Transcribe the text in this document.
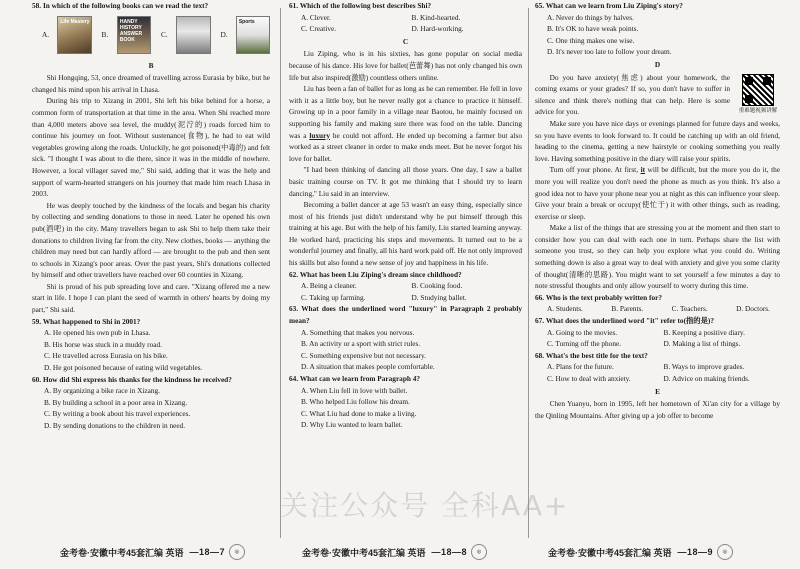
58. In which of the following books can we read the text?

A.
Life Mastery
B.
HANDY HISTORY ANSWER BOOK
C.	D.
Sports

B

Shi Hongqing, 53, once dreamed of travelling across Eurasia by bike, but he changed his mind upon his arrival in Lhasa.

During his trip to Xizang in 2001, Shi left his bike behind for a horse, a common form of transportation at that time in the area. When Shi reached more than 4,000 meters above sea level, the muddy(泥泞的) roads forced him to continue his journey on foot. Without sustenance(食物), he had to eat wild vegetables growing along the roads. Unluckily, he got poisoned(中毒的) and felt sick. "I thought I was about to die there, since it was in the middle of nowhere. However, a local villager saved me," Shi said, adding that it was the help and support of warm-hearted strangers on his journey that made him reach Lhasa in 2003.

He was deeply touched by the kindness of the locals and began his charity by collecting and sending donations to those in need. Later he opened his own pub(酒吧) in the city. Many travellers began to ask Shi to help them take their donations to children living far from the city. New clothes, books — anything the children may need but can hardly afford — are brought to the pub and then sent to schools in Xizang's poor areas. Over the past years, Shi's donations collected by himself and other travellers have reached over 60 counties in Xizang.

Shi is proud of his pub spreading love and care. "Xizang offered me a new start in life. I hope I can plant the seed of warmth in others' hearts by doing my part," Shi said.

59. What happened to Shi in 2001?

A. He opened his own pub in Lhasa.

B. His horse was stuck in a muddy road.

C. He travelled across Eurasia on his bike.

D. He got poisoned because of eating wild vegetables.

60. How did Shi express his thanks for the kindness he received?

A. By organizing a bike race in Xizang.

B. By building a school in a poor area in Xizang.

C. By writing a book about his travel experiences.

D. By sending donations to the children in need.

61. Which of the following best describes Shi?

A. Clever.	B. Kind-hearted.
C. Creative.	D. Hard-working.

C

Liu Ziping, who is in his sixties, has gone popular on social media because of his dance. His love for ballet(芭蕾舞) has not only changed his own life but also inspired(激励) countless others online.

Liu has been a fan of ballet for as long as he can remember. He fell in love with it as a little boy, but he never really got a chance to practice it himself. Growing up in a poor family in a village near Baotou, he mainly focused on supporting his family and making sure there was food on the table. Dancing was a luxury he could not afford. He ended up becoming a farmer but also worked as a street cleaner in order to make ends meet. But he never forgot his love for ballet.

"I had been thinking of dancing all those years. One day, I saw a ballet basic training course on TV. It got me thinking that I should try to learn dancing," Liu said in an interview.

Becoming a ballet dancer at age 53 wasn't an easy thing, especially since most of his friends just didn't understand why he put himself through this training at his age. But with the help of his family, Liu started learning anyway. He worked hard, practicing his steps and movements. It turned out to be a wonderful journey and finally, all his hard work paid off. He not only improved his skills but also found a new sense of joy and happiness in his life.

62. What has been Liu Ziping's dream since childhood?

A. Being a cleaner.	B. Cooking food.
C. Taking up farming.	D. Studying ballet.

63. What does the underlined word "luxury" in Paragraph 2 probably mean?

A. Something that makes you nervous.

B. An activity or a sport with strict rules.

C. Something expensive but not necessary.

D. A situation that makes people comfortable.

64. What can we learn from Paragraph 4?

A. When Liu fell in love with ballet.

B. Who helped Liu follow his dream.

C. What Liu had done to make a living.

D. Why Liu wanted to learn ballet.

65. What can we learn from Liu Ziping's story?

A. Never do things by halves.

B. It's OK to have weak points.

C. One thing makes one wise.

D. It's never too late to follow your dream.

D

重难题视频讲解

Do you have anxiety(焦虑) about your homework, the coming exams or your grades? If so, you don't have to suffer in silence and think there's nothing that can help. Here is some advice for you.

Make sure you have nice days or evenings planned for future days and weeks, so you have events to look forward to. It could be catching up with an old friend, heading to the cinema, getting a new hairstyle or cooking something you really love. Having something positive in the diary will raise your spirits.

Turn off your phone. At first, it will be difficult, but the more you do it, the more you will realize you don't need the phone as much as you think. It's also a good idea not to have your phone near you at night as this can influence your sleep. Give your brain a break or occupy(使忙于) it with other things, such as reading, exercise or sleep.

Make a list of the things that are stressing you at the moment and then start to consider how you can deal with each one in turn. Perhaps share the list with someone you trust, so they can help you explore what you could do. Writing something down is also a great way to deal with anxiety and give you some clarity of thought(清晰的思路). You might want to set yourself a few minutes a day to note stressful thoughts and only allow yourself to worry during this time.

66. Who is the text probably written for?

A. Students.	B. Parents.	C. Teachers.	D. Doctors.

67. What does the underlined word "it" refer to(指的是)?

A. Going to the movies.	B. Keeping a positive diary.
C. Turning off the phone.	D. Making a list of things.

68. What's the best title for the text?

A. Plans for the future.	B. Ways to improve grades.
C. How to deal with anxiety.	D. Advice on making friends.

E

Chen Yuanyu, born in 1995, left her hometown of Xi'an city for a village by the Qinling Mountains. After giving up a job offer to become

金考卷·安徽中考45套汇编 英语 —18—7	◎	金考卷·安徽中考45套汇编 英语 —18—8	◎	金考卷·安徽中考45套汇编 英语 —18—9	◎
关注公众号 全科AA+
